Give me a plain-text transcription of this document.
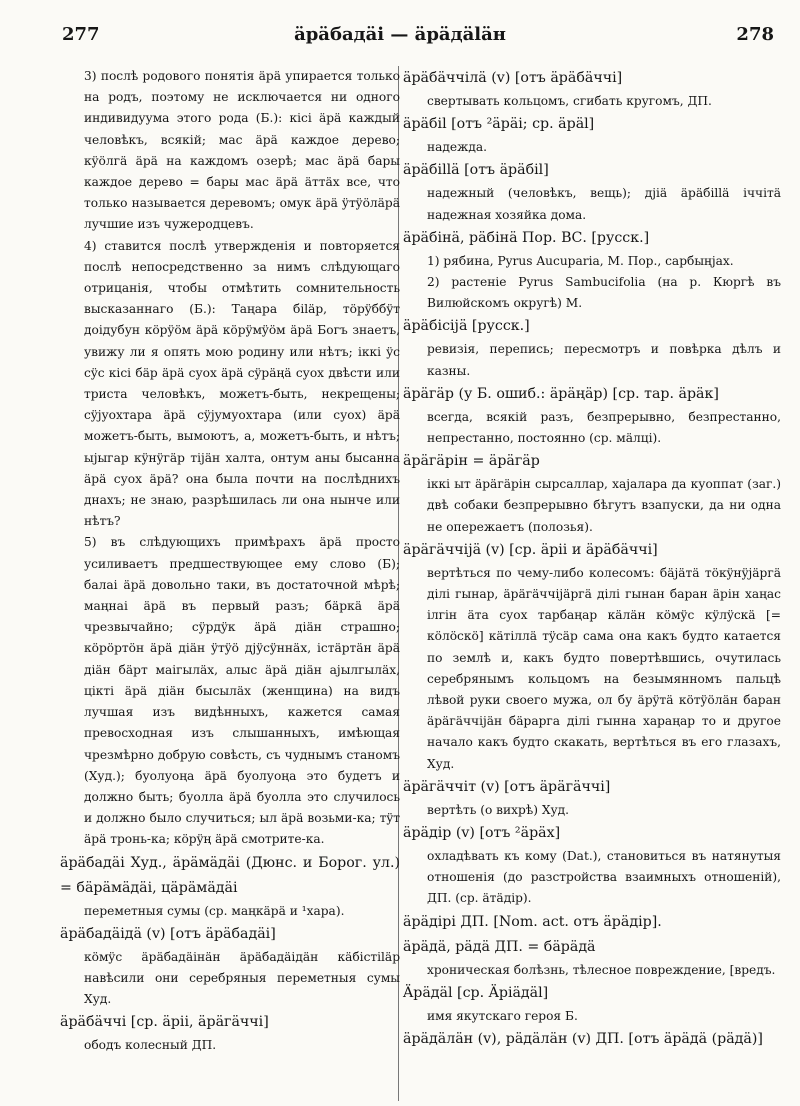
277	äрäбадäi — äрäдäläн	278
3) послѣ родового понятія äрä упирается только на родъ, поэтому не исключается ни одного индивидуума этого рода (Б.): кісі äрä каждый человѣкъ, всякій; мас äрä каждое дерево; кÿöлгä äрä на каждомъ озерѣ; мас äрä бары каждое дерево = бары мас äрä äттäх все, что только называется деревомъ; омук äрä ÿтÿöлäрä лучшие изъ чужеродцевъ.
4) ставится послѣ утвержденія и повторяется послѣ непосредственно за нимъ слѣдующаго отрицанія, чтобы отмѣтить сомнительность высказаннаго (Б.): Таңара біläр, тöрÿббÿт доідубун кöрÿöм äрä кöрÿмÿöм äрä Богъ знаетъ, увижу ли я опять мою родину или нѣтъ; іккі ÿс сÿс кісі бäр äрä суох äрä сÿрäңä суох двѣсти или триста человѣкъ, можетъ-быть, некрещены; сÿјуохтара äрä сÿјумуохтара (или суох) äрä можетъ-быть, вымоютъ, а, можетъ-быть, и нѣтъ; ыјыгар кÿнÿгäр тіјäн халта, онтум аны быcанна äрä суох äрä? она была почти на послѣднихъ днахъ; не знаю, разрѣшилась ли она нынче или нѣтъ?
5) въ слѣдующихъ примѣрахъ äрä просто усиливаетъ предшествующее ему слово (Б); балаі äрä довольно таки, въ достаточной мѣрѣ; маңнаі äрä въ первый разъ; бäркä äрä чрезвычайно; сÿрдÿк äрä дiäн страшно; кöрöртöн äрä дiäн ÿтÿö дјÿсÿннäх, істäртäн äрä дiäн бäрт маігылäх, алыс äрä дiäн аjылгылäх, цікті äрä дiäн быcылäх (женщина) на видъ лучшая изъ видѣнныхъ, кажется самая превосходная изъ слышанныхъ, имѣющая чрезмѣрно добрую совѣсть, съ чуднымъ станомъ (Худ.); буолуоңа äрä буолуоңа это будетъ и должно быть; буолла äрä буолла это случилось и должно было случиться; ыл äрä возьми-ка; тÿт äрä тронь-ка; кöрÿң äрä смотрите-ка.
äрäбадäi Худ., äрäмäдäi (Дюнс. и Борог. ул.) = бäрäмäдäi, цäрäмäдäi
переметныя сумы (ср. маңкäрä и ¹хара).
äрäбадäідä (v) [отъ äрäбадäi]
кöмÿс äрäбадäiнäн äрäбадäідäн кäбiстiläр навѣсили они серебряныя переметныя сумы Худ.
äрäбäччi [ср. äрii, äрäгäччi]
ободъ колесный ДП.
äрäбäччiлä (v) [отъ äрäбäччi]
свертывать кольцомъ, сгибать кругомъ, ДП.
äрäбil [отъ ²äрäi; ср. äрäl]
надежда.
äрäбillä [отъ äрäбil]
надежный (человѣкъ, вещь); дjiä äрäбillä iччiтä надежная хозяйка дома.
äрäбiнä, рäбiнä Пор. ВС. [русск.]
1) рябина, Pyrus Aucuparia, М. Пор., сарбыңjах.
2) растеніе Pyrus Sambucifolia (на р. Кюргѣ въ Вилюйскомъ округѣ) М.
äрäбiciјä [русск.]
ревизія, перепись; пересмотръ и повѣрка дѣлъ и казны.
äрäгäр (у Б. ошиб.: äрäңäр) [ср. тар. äрäк]
всегда, всякій разъ, безпрерывно, безпрестанно, непрестанно, постоянно (ср. мäлцi).
äрäгäрiн = äрäгäр
iккi ыт äрäгäрiн сырсаллар, хаjалара да куоппат (заг.) двѣ собаки безпрерывно бѣгутъ взапуски, да ни одна не опережаетъ (полозья).
äрäгäччiјä (v) [ср. äрii и äрäбäччi]
вертѣться по чему-либо колесомъ: бäjäтä тöкÿнÿјäргä дiлi гынар, äрäгäччiјäргä дiлi гынан баран äрiн хаңас iлгiн äта суох тарбаңар кäлäн кöмÿс кÿлÿскä [= кöлöскö] кäтiллä тÿсäр сама она какъ будто катается по землѣ и, какъ будто повертѣвшись, очутилась серебрянымъ кольцомъ на безымянномъ пальцѣ лѣвой руки своего мужа, ол бу äрÿтä кöтÿöлäн баран äрäгäччiјäн бäрарга дiлi гынна хараңар то и другое начало какъ будто скакать, вертѣться въ его глазахъ, Худ.
äрäгäччiт (v) [отъ äрäгäччi]
вертѣть (о вихрѣ) Худ.
äрäдiр (v) [отъ ²äрäх]
охладѣвать къ кому (Dat.), становиться въ натянутыя отношенія (до разстройства взаимныхъ отношеній), ДП. (ср. äтäдiр).
äрäдiрi ДП. [Nom. act. отъ äрäдiр].
äрäдä, рäдä ДП. = бäрäдä
хроническая болѣзнь, тѣлесное повреждение, [вредъ.
Äрäдäl [ср. Äрiäдäl]
имя якутскаго героя Б.
äрäдäлäн (v), рäдäлäн (v) ДП. [отъ äрäдä (рäдä)]
